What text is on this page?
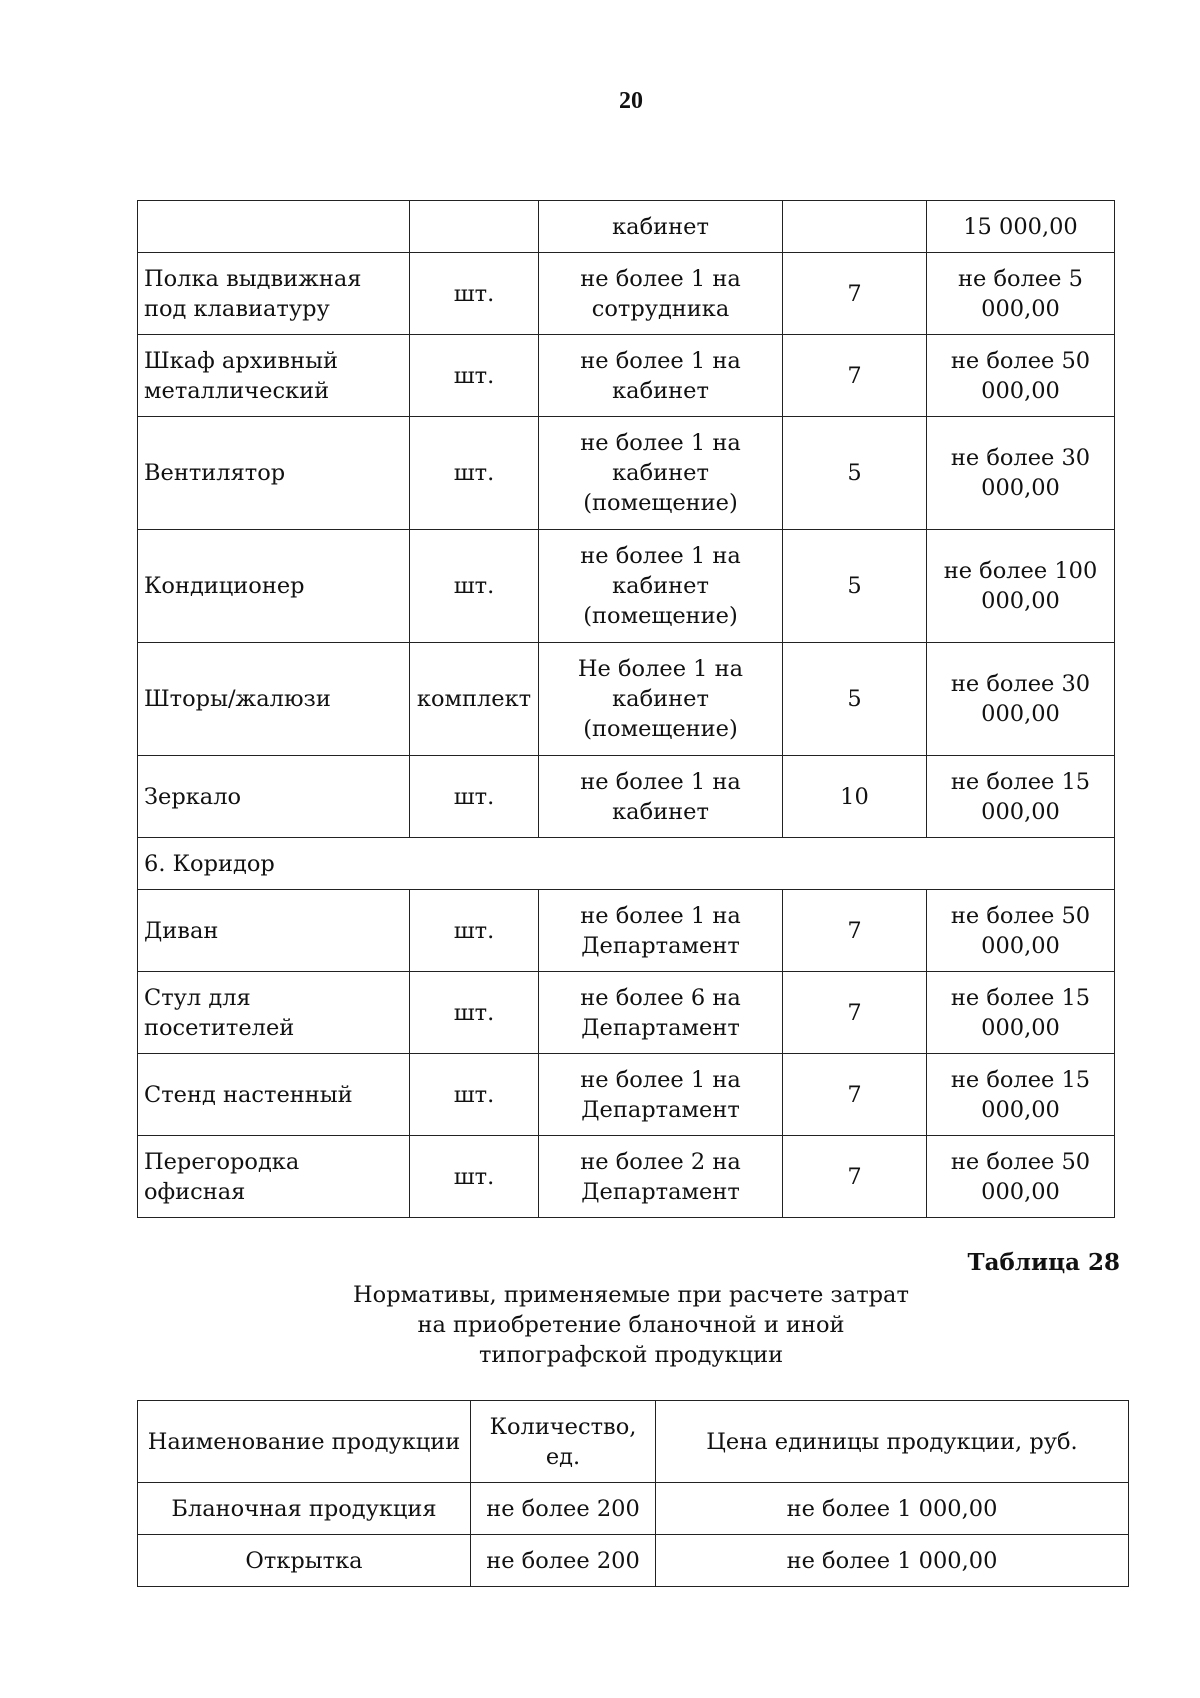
20
		кабинет		15 000,00
Полка выдвижная под клавиатуру	шт.	не более 1 на сотрудника	7	не более 5 000,00
Шкаф архивный металлический	шт.	не более 1 на кабинет	7	не более 50 000,00
Вентилятор	шт.	не более 1 на кабинет (помещение)	5	не более 30 000,00
Кондиционер	шт.	не более 1 на кабинет (помещение)	5	не более 100 000,00
Шторы/жалюзи	комплект	Не более 1 на кабинет (помещение)	5	не более 30 000,00
Зеркало	шт.	не более 1 на кабинет	10	не более 15 000,00
6. Коридор				
Диван	шт.	не более 1 на Департамент	7	не более 50 000,00
Стул для посетителей	шт.	не более 6 на Департамент	7	не более 15 000,00
Стенд настенный	шт.	не более 1 на Департамент	7	не более 15 000,00
Перегородка офисная	шт.	не более 2 на Департамент	7	не более 50 000,00
Таблица 28
Нормативы, применяемые при расчете затрат
на приобретение бланочной и иной
типографской продукции
Наименование продукции	Количество, ед.	Цена единицы продукции, руб.
Бланочная продукция	не более 200	не более 1 000,00
Открытка	не более 200	не более 1 000,00
